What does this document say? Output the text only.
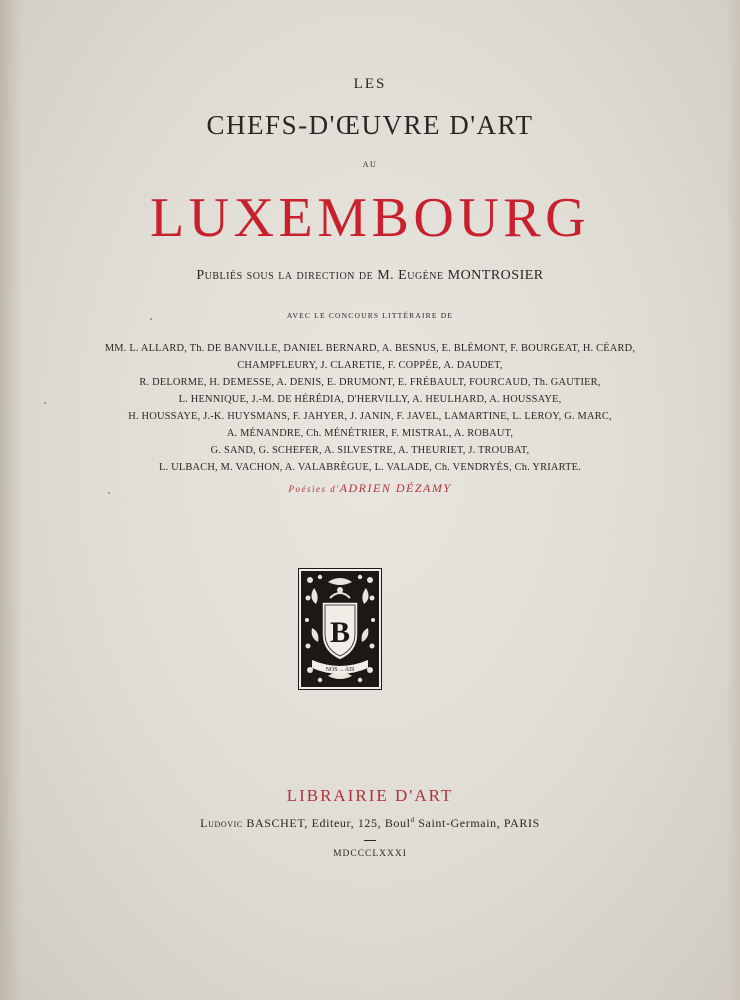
LES
CHEFS-D'ŒUVRE D'ART
AU
LUXEMBOURG
Publiés sous la direction de M. Eugène MONTROSIER
AVEC LE CONCOURS LITTÉRAIRE DE
MM. L. ALLARD, Th. DE BANVILLE, DANIEL BERNARD, A. BESNUS, E. BLÉMONT, F. BOURGEAT, H. CÉARD,
CHAMPFLEURY, J. CLARETIE, F. COPPÉE, A. DAUDET,
R. DELORME, H. DEMESSE, A. DENIS, E. DRUMONT, E. FRÉBAULT, FOURCAUD, Th. GAUTIER,
L. HENNIQUE, J.-M. DE HÉRÉDIA, D'HERVILLY, A. HEULHARD, A. HOUSSAYE,
H. HOUSSAYE, J.-K. HUYSMANS, F. JAHYER, J. JANIN, F. JAVEL, LAMARTINE, L. LEROY, G. MARC,
A. MÉNANDRE, Ch. MÉNÉTRIER, F. MISTRAL, A. ROBAUT,
G. SAND, G. SCHEFER, A. SILVESTRE, A. THEURIET, J. TROUBAT,
L. ULBACH, M. VACHON, A. VALABRÈGUE, L. VALADE, Ch. VENDRYÈS, Ch. YRIARTE.
Poésies d'ADRIEN DÉZAMY
B
NOS ... AIS
LIBRAIRIE D'ART
Ludovic BASCHET, Editeur, 125, Boul$^d$ Saint-Germain, PARIS
MDCCCLXXXI
